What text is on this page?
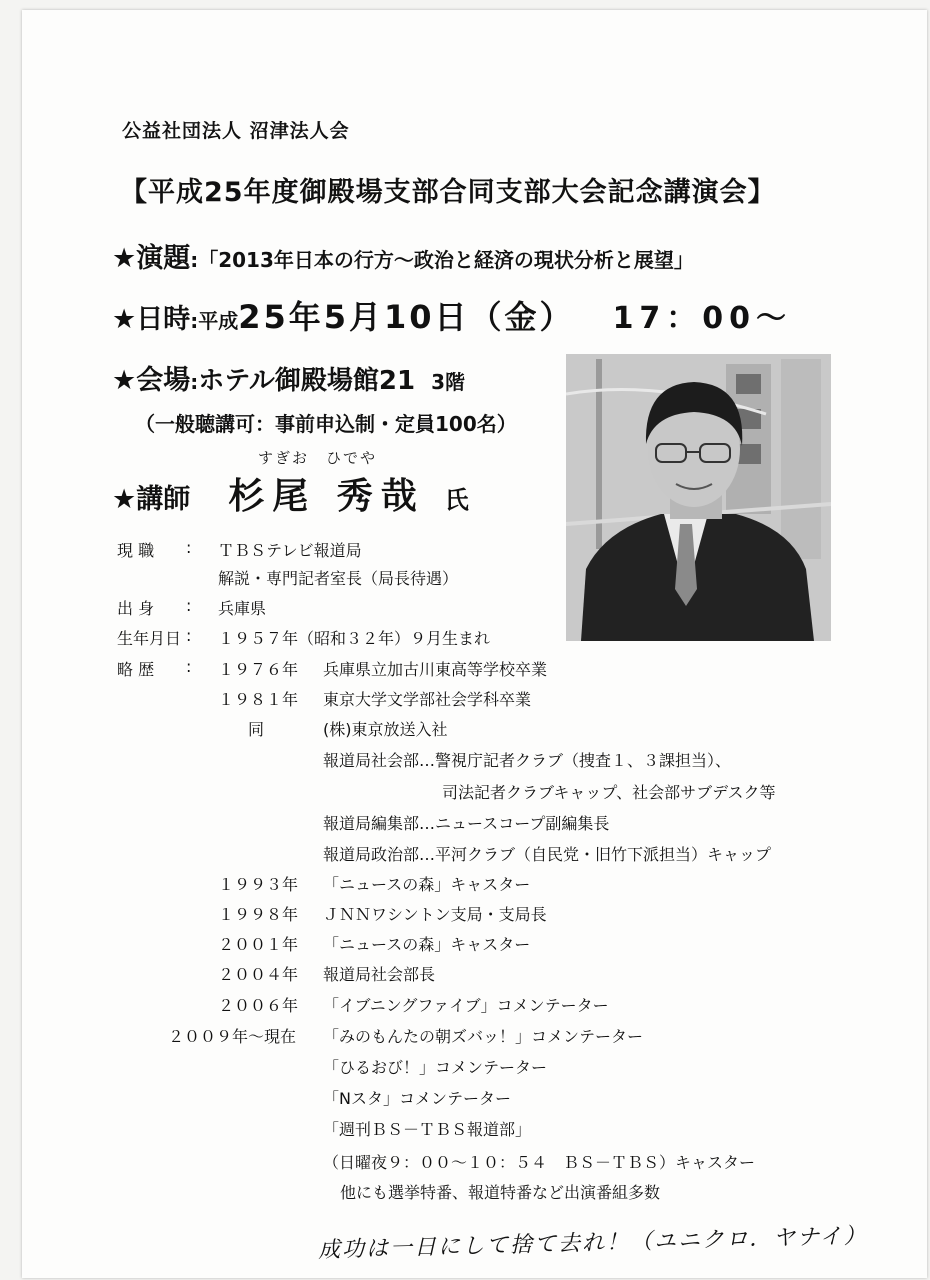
公益社団法人 沼津法人会
【平成25年度御殿場支部合同支部大会記念講演会】
★演題:「2013年日本の行方～政治と経済の現状分析と展望」
★日時:平成25年5月10日（金） 17：00～
★会場:ホテル御殿場館21 3階
（一般聴講可：事前申込制・定員100名）
すぎお　ひでや
★講師 杉尾 秀哉 氏
現 職 : ＴＢＳテレビ報道局
解説・専門記者室長（局長待遇）
出 身 : 兵庫県
生年月日 : １９５７年（昭和３２年）９月生まれ
略 歴 : １９７６年 兵庫県立加古川東高等学校卒業
１９８１年 東京大学文学部社会学科卒業
同	(株)東京放送入社
報道局社会部…警視庁記者クラブ（捜査１、３課担当）、
司法記者クラブキャップ、社会部サブデスク等
報道局編集部…ニュースコープ副編集長
報道局政治部…平河クラブ（自民党・旧竹下派担当）キャップ
１９９３年 「ニュースの森」キャスター
１９９８年 ＪＮＮワシントン支局・支局長
２００１年 「ニュースの森」キャスター
２００４年 報道局社会部長
２００６年 「イブニングファイブ」コメンテーター
２００９年～現在 「みのもんたの朝ズバッ！」コメンテーター
「ひるおび！」コメンテーター
「Nスタ」コメンテーター
「週刊ＢＳ－ＴＢＳ報道部」
（日曜夜９：００～１０：５４　ＢＳ－ＴＢＳ）キャスター
他にも選挙特番、報道特番など出演番組多数
成功は一日にして捨て去れ！（ユニクロ．ヤナイ）
